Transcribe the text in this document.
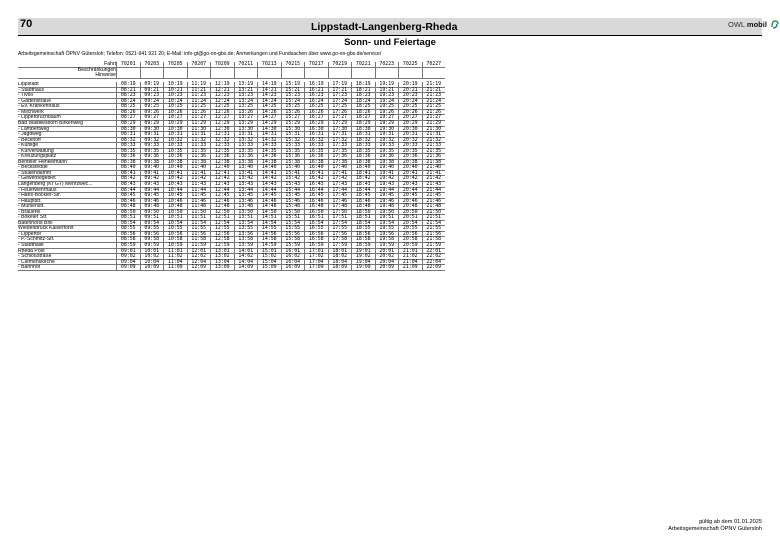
70	Lippstadt-Langenberg-Rheda	OWL mobil
Sonn- und Feiertage
Arbeitsgemeinschaft ÖPNV Gütersloh; Telefon: 0521-941 921 20; E-Mail: info-gt@go-on-gbs.de; Anmerkungen und Fundsachen über www.go-on-gbs.de/service/
Fahrt 70201	70203	70205	70207	70209	70211	70213	70215	70217	70219	70221	70223	70225	70227
Beschränkungen
Hinweise
Lippstadt	08:19	09:19	10:19	11:19	12:19	13:19	14:19	15:19	16:19	17:19	18:19	19:19	20:19	21:19
- Stadthaus	08:21	09:21	10:21	11:21	12:21	13:21	14:21	15:21	16:21	17:21	18:21	19:21	20:21	21:21
- Tivoli	08:23	09:23	10:23	11:23	12:23	13:23	14:23	15:23	16:23	17:23	18:23	19:23	20:23	21:23
- Gartenstraße	08:24	09:24	10:24	11:24	12:24	13:24	14:24	15:24	16:24	17:24	18:24	19:24	20:24	21:24
- Ev. Krankenhaus	08:25	09:25	10:25	11:25	12:25	13:25	14:25	15:25	16:25	17:25	18:25	19:25	20:25	21:25
- Milchwerk	08:26	09:26	10:26	11:26	12:26	13:26	14:26	15:26	16:26	17:26	18:26	19:26	20:26	21:26
- Lipperbruchbaum	08:27	09:27	10:27	11:27	12:27	13:27	14:27	15:27	16:27	17:27	18:27	19:27	20:27	21:27
Bad Waldliesborn Birkenweg	08:29	09:29	10:29	11:29	12:29	13:29	14:29	15:29	16:29	17:29	18:29	19:29	20:29	21:29
- Lambertweg	08:30	09:30	10:30	11:30	12:30	13:30	14:30	15:30	16:30	17:30	18:30	19:30	20:30	21:30
- Jagdweg	08:31	09:31	10:31	11:31	12:31	13:31	14:31	15:31	16:31	17:31	18:31	19:31	20:31	21:31
- Beckhoff	08:32	09:32	10:32	11:32	12:32	13:32	14:32	15:32	16:32	17:32	18:32	19:32	20:32	21:32
- Kühlige	08:33	09:33	10:33	11:33	12:33	13:33	14:33	15:33	16:33	17:33	18:33	19:33	20:33	21:33
- Kurverwaltung	08:35	09:35	10:35	11:35	12:35	13:35	14:35	15:35	16:35	17:35	18:35	19:35	20:35	21:35
- Kreuzungsplatz	08:36	09:36	10:36	11:36	12:36	13:36	14:36	15:36	16:36	17:36	18:36	19:36	20:36	21:36
Benteler Henkelmann	08:38	09:38	10:38	11:38	12:38	13:38	14:38	15:38	16:38	17:38	18:38	19:38	20:38	21:38
- Beckstedde	08:40	09:40	10:40	11:40	12:40	13:40	14:40	15:40	16:40	17:40	18:40	19:40	20:40	21:40
- Stukendamm	08:41	09:41	10:41	11:41	12:41	13:41	14:41	15:41	16:41	17:41	18:41	19:41	20:41	21:41
- Gewerbegebiet	08:42	09:42	10:42	11:42	12:42	13:42	14:42	15:42	16:42	17:42	18:42	19:42	20:42	21:42
Langenberg (Kr GT) Mehrzwec...	08:43	09:43	10:43	11:43	12:43	13:43	14:43	15:43	16:43	17:43	18:43	19:43	20:43	21:43
- Feuerwehrhaus	08:44	09:44	10:44	11:44	12:44	13:44	14:44	15:44	16:44	17:44	18:44	19:44	20:44	21:44
- Hans-Böckler-Str.	08:45	09:45	10:45	11:45	12:45	13:45	14:45	15:45	16:45	17:45	18:45	19:45	20:45	21:45
- Hauptstr.	08:46	09:46	10:46	11:46	12:46	13:46	14:46	15:46	16:46	17:46	18:46	19:46	20:46	21:46
- Mühlenstr.	08:48	09:48	10:48	11:48	12:48	13:48	14:48	15:48	16:48	17:48	18:48	19:48	20:48	21:48
- Brauerei	08:50	09:50	10:50	11:50	12:50	13:50	14:50	15:50	16:50	17:50	18:50	19:50	20:50	21:50
- Bokeler Str.	08:51	09:51	10:51	11:51	12:51	13:51	14:51	15:51	16:51	17:51	18:51	19:51	20:51	21:51
Batenhorst Brill	08:54	09:54	10:54	11:54	12:54	13:54	14:54	15:54	16:54	17:54	18:54	19:54	20:54	21:54
Wiedenbrück Kaiserforst	08:55	09:55	10:55	11:55	12:55	13:55	14:55	15:55	16:55	17:55	18:55	19:55	20:55	21:55
- Lippertor	08:56	09:56	10:56	11:56	12:56	13:56	14:56	15:56	16:56	17:56	18:56	19:56	20:56	21:56
- P.-Schmitz-Str.	08:58	09:58	10:58	11:58	12:58	13:58	14:58	15:58	16:58	17:58	18:58	19:58	20:58	21:58
- Stadthalle	08:59	09:59	10:59	11:59	12:59	13:59	14:59	15:59	16:59	17:59	18:59	19:59	20:59	21:59
Rheda Post	09:01	10:01	11:01	12:01	13:01	14:01	15:01	16:01	17:01	18:01	19:01	20:01	21:01	22:01
- Schloßstraße	09:02	10:02	11:02	12:02	13:02	14:02	15:02	16:02	17:02	18:02	19:02	20:02	21:02	22:02
- Clemenskirche	09:04	10:04	11:04	12:04	13:04	14:04	15:04	16:04	17:04	18:04	19:04	20:04	21:04	22:04
- Bahnhof	09:09	10:09	11:09	12:09	13:09	14:09	15:09	16:09	17:09	18:09	19:09	20:09	21:09	22:09
gültig ab dem 01.01.2025
Arbeitsgemeinschaft ÖPNV Gütersloh
